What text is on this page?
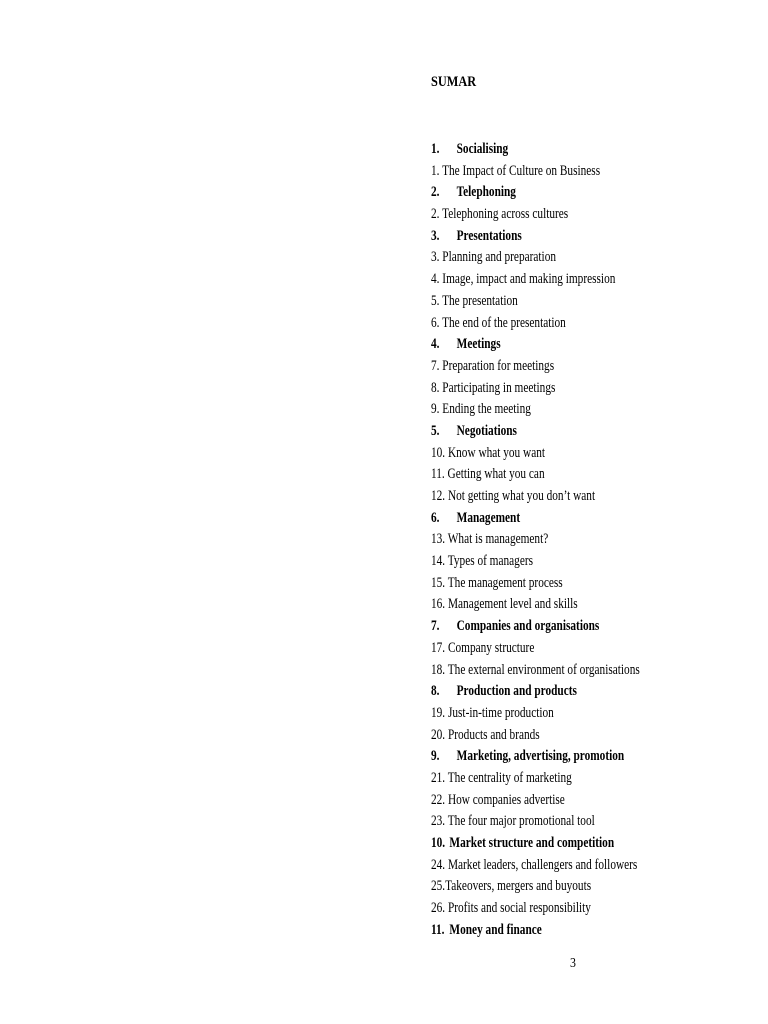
SUMAR
1. Socialising
1. The Impact of Culture on Business
2. Telephoning
2. Telephoning across cultures
3. Presentations
3. Planning and preparation
4. Image, impact and making impression
5. The presentation
6. The end of the presentation
4. Meetings
7. Preparation for meetings
8. Participating in meetings
9. Ending the meeting
5. Negotiations
10. Know what you want
11. Getting what you can
12. Not getting what you don’t want
6. Management
13. What is management?
14. Types of managers
15. The management process
16. Management level and skills
7. Companies and organisations
17. Company structure
18. The external environment of organisations
8. Production and products
19. Just-in-time production
20. Products and brands
9. Marketing, advertising, promotion
21. The centrality of marketing
22. How companies advertise
23. The four major promotional tool
10. Market structure and competition
24. Market leaders, challengers and followers
25.Takeovers, mergers and buyouts
26. Profits and social responsibility
11. Money and finance
3
